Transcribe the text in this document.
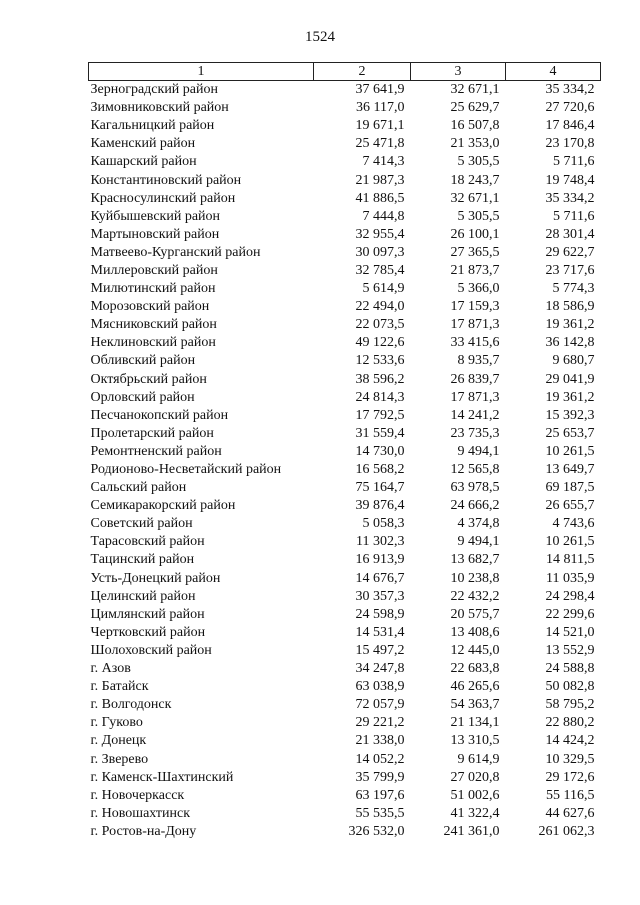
1524
1	2	3	4
Зерноградский район	37 641,9	32 671,1	35 334,2
Зимовниковский район	36 117,0	25 629,7	27 720,6
Кагальницкий район	19 671,1	16 507,8	17 846,4
Каменский район	25 471,8	21 353,0	23 170,8
Кашарский район	7 414,3	5 305,5	5 711,6
Константиновский район	21 987,3	18 243,7	19 748,4
Красносулинский район	41 886,5	32 671,1	35 334,2
Куйбышевский район	7 444,8	5 305,5	5 711,6
Мартыновский район	32 955,4	26 100,1	28 301,4
Матвеево-Курганский район	30 097,3	27 365,5	29 622,7
Миллеровский район	32 785,4	21 873,7	23 717,6
Милютинский район	5 614,9	5 366,0	5 774,3
Морозовский район	22 494,0	17 159,3	18 586,9
Мясниковский район	22 073,5	17 871,3	19 361,2
Неклиновский район	49 122,6	33 415,6	36 142,8
Обливский район	12 533,6	8 935,7	9 680,7
Октябрьский район	38 596,2	26 839,7	29 041,9
Орловский район	24 814,3	17 871,3	19 361,2
Песчанокопский район	17 792,5	14 241,2	15 392,3
Пролетарский район	31 559,4	23 735,3	25 653,7
Ремонтненский район	14 730,0	9 494,1	10 261,5
Родионово-Несветайский район	16 568,2	12 565,8	13 649,7
Сальский район	75 164,7	63 978,5	69 187,5
Семикаракорский район	39 876,4	24 666,2	26 655,7
Советский район	5 058,3	4 374,8	4 743,6
Тарасовский район	11 302,3	9 494,1	10 261,5
Тацинский район	16 913,9	13 682,7	14 811,5
Усть-Донецкий район	14 676,7	10 238,8	11 035,9
Целинский район	30 357,3	22 432,2	24 298,4
Цимлянский район	24 598,9	20 575,7	22 299,6
Чертковский район	14 531,4	13 408,6	14 521,0
Шолоховский район	15 497,2	12 445,0	13 552,9
г. Азов	34 247,8	22 683,8	24 588,8
г. Батайск	63 038,9	46 265,6	50 082,8
г. Волгодонск	72 057,9	54 363,7	58 795,2
г. Гуково	29 221,2	21 134,1	22 880,2
г. Донецк	21 338,0	13 310,5	14 424,2
г. Зверево	14 052,2	9 614,9	10 329,5
г. Каменск-Шахтинский	35 799,9	27 020,8	29 172,6
г. Новочеркасск	63 197,6	51 002,6	55 116,5
г. Новошахтинск	55 535,5	41 322,4	44 627,6
г. Ростов-на-Дону	326 532,0	241 361,0	261 062,3
